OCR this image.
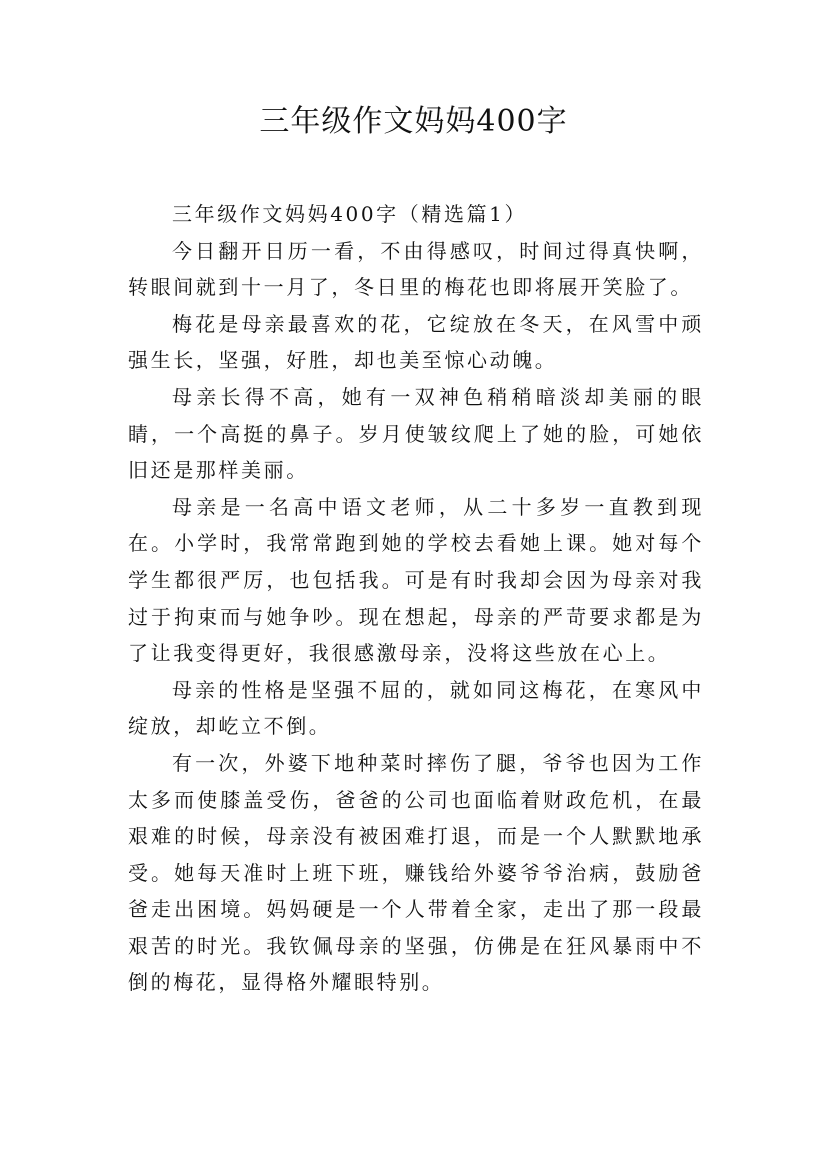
三年级作文妈妈400字

三年级作文妈妈400字（精选篇1）

今日翻开日历一看，不由得感叹，时间过得真快啊，转眼间就到十一月了，冬日里的梅花也即将展开笑脸了。

梅花是母亲最喜欢的花，它绽放在冬天，在风雪中顽强生长，坚强，好胜，却也美至惊心动魄。

母亲长得不高，她有一双神色稍稍暗淡却美丽的眼睛，一个高挺的鼻子。岁月使皱纹爬上了她的脸，可她依旧还是那样美丽。

母亲是一名高中语文老师，从二十多岁一直教到现在。小学时，我常常跑到她的学校去看她上课。她对每个学生都很严厉，也包括我。可是有时我却会因为母亲对我过于拘束而与她争吵。现在想起，母亲的严苛要求都是为了让我变得更好，我很感激母亲，没将这些放在心上。

母亲的性格是坚强不屈的，就如同这梅花，在寒风中绽放，却屹立不倒。

有一次，外婆下地种菜时摔伤了腿，爷爷也因为工作太多而使膝盖受伤，爸爸的公司也面临着财政危机，在最艰难的时候，母亲没有被困难打退，而是一个人默默地承受。她每天准时上班下班，赚钱给外婆爷爷治病，鼓励爸爸走出困境。妈妈硬是一个人带着全家，走出了那一段最艰苦的时光。我钦佩母亲的坚强，仿佛是在狂风暴雨中不倒的梅花，显得格外耀眼特别。
